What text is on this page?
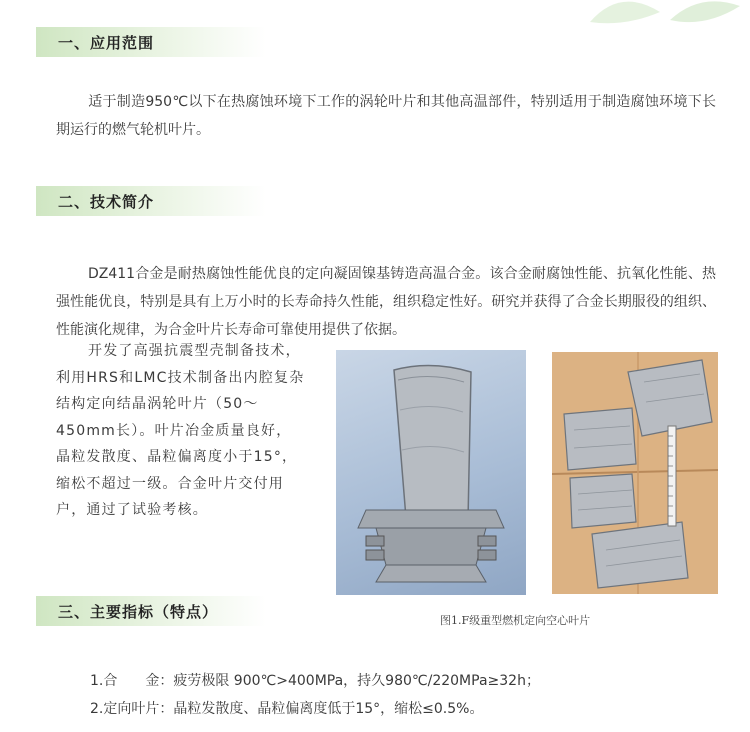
一、应用范围

适于制造950℃以下在热腐蚀环境下工作的涡轮叶片和其他高温部件，特别适用于制造腐蚀环境下长期运行的燃气轮机叶片。

二、技术简介

DZ411合金是耐热腐蚀性能优良的定向凝固镍基铸造高温合金。该合金耐腐蚀性能、抗氧化性能、热强性能优良，特别是具有上万小时的长寿命持久性能，组织稳定性好。研究并获得了合金长期服役的组织、性能演化规律，为合金叶片长寿命可靠使用提供了依据。

开发了高强抗震型壳制备技术，利用HRS和LMC技术制备出内腔复杂结构定向结晶涡轮叶片（50～450mm长）。叶片冶金质量良好，晶粒发散度、晶粒偏离度小于15°，缩松不超过一级。合金叶片交付用户，通过了试验考核。

图1.F级重型燃机定向空心叶片
三、主要指标（特点）
1.合　　金：疲劳极限 900℃>400MPa，持久980℃/220MPa≥32h；
2.定向叶片：晶粒发散度、晶粒偏离度低于15°，缩松≤0.5%。
